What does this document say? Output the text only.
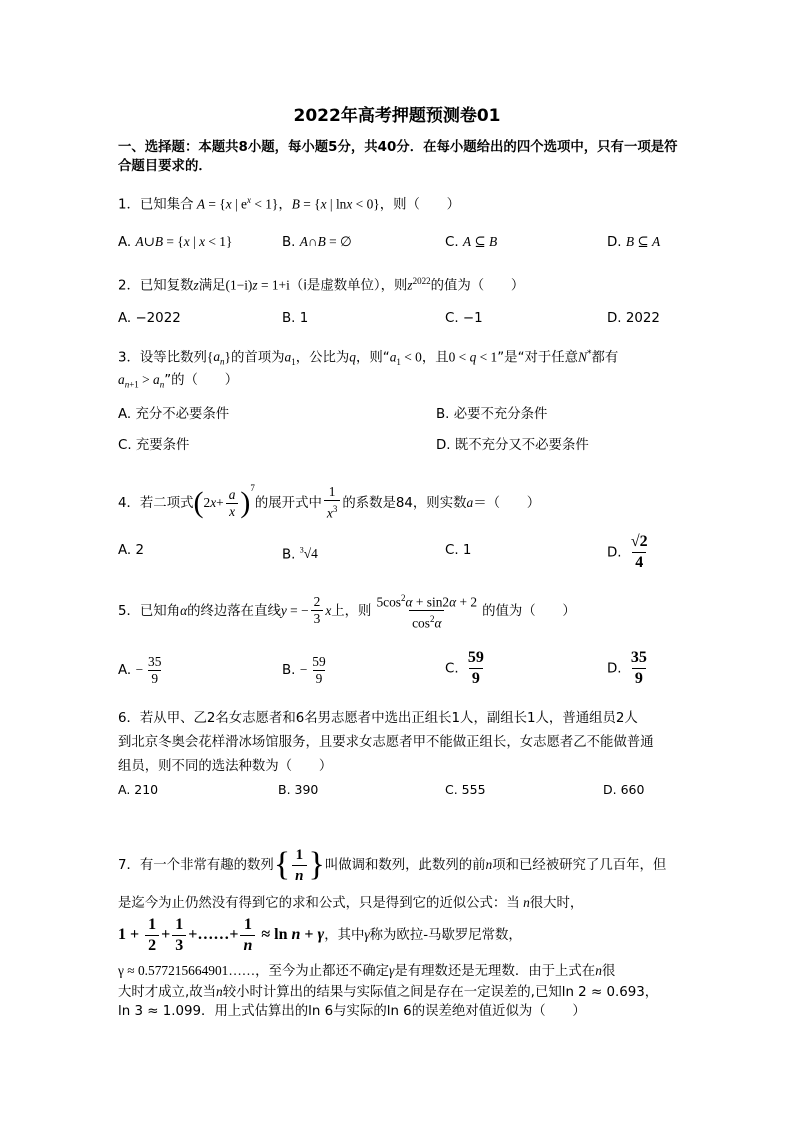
2022年高考押题预测卷01
一、选择题：本题共8小题，每小题5分，共40分．在每小题给出的四个选项中，只有一项是符合题目要求的．
1．已知集合 A = {x | $e^x < 1$}，B = {x | lnx < 0}，则（　　）
A. A∪B = {x | x < 1}	B. A∩B = ∅	C. A ⊆ B	D. B ⊆ A
2．已知复数z满足(1−i)z = 1+i（i是虚数单位），则$z^{2022}$的值为（　　）
A. −2022	B. 1	C. −1	D. 2022
3．设等比数列$\{a_n\}$的首项为$a_1$，公比为q，则“$a_1 < 0$，且0 < q < 1”是“对于任意N*都有
$a_{n+1} > a_n$”的（　　）
A. 充分不必要条件	B. 必要不充分条件
C. 充要条件	D. 既不充分又不必要条件
4．若二项式$(2x+ \frac{a}{x} )^7$的展开式中 $\frac{1}{x^3}$ 的系数是84，则实数a＝（　　）
A. 2	B. $^3$√4	C. 1	D. $\frac{√2}{4}$
5．已知角α的终边落在直线y = − $\frac{2}{3}$ x上，则 $\frac{5\cos^2\alpha + \sin 2\alpha + 2}{\cos^2\alpha}$ 的值为（　　）
A. − $\frac{35}{9}$	B. − $\frac{59}{9}$	C. $\frac{59}{9}$	D. $\frac{35}{9}$
6．若从甲、乙2名女志愿者和6名男志愿者中选出正组长1人，副组长1人，普通组员2人
到北京冬奥会花样滑冰场馆服务，且要求女志愿者甲不能做正组长，女志愿者乙不能做普通
组员，则不同的选法种数为（　　）
A. 210	B. 390	C. 555	D. 660
7．有一个非常有趣的数列{ $\frac{1}{n}$ }叫做调和数列，此数列的前n项和已经被研究了几百年，但
是迄今为止仍然没有得到它的求和公式，只是得到它的近似公式：当 n很大时，
$1 + \frac{1}{2} + \frac{1}{3}$ +……+ $\frac{1}{n} \approx \ln n + \gamma$，其中γ称为欧拉-马歇罗尼常数，
γ ≈ 0.577215664901……，至今为止都还不确定γ是有理数还是无理数．由于上式在n很
大时才成立,故当n较小时计算出的结果与实际值之间是存在一定误差的,已知ln 2 ≈ 0.693，
ln 3 ≈ 1.099．用上式估算出的ln 6与实际的ln 6的误差绝对值近似为（　　）
